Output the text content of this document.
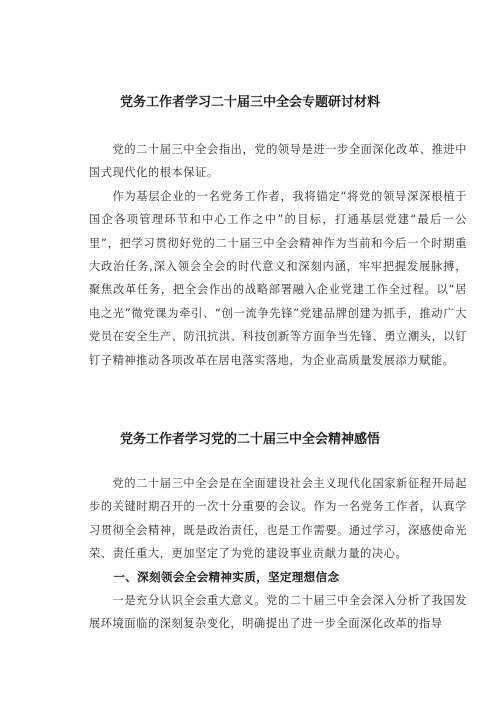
党务工作者学习二十届三中全会专题研讨材料

党的二十届三中全会指出，党的领导是进一步全面深化改革、推进中国式现代化的根本保证。

作为基层企业的一名党务工作者，我将锚定“将党的领导深深根植于国企各项管理环节和中心工作之中”的目标，打通基层党建“最后一公里”，把学习贯彻好党的二十届三中全会精神作为当前和今后一个时期重大政治任务,深入领会全会的时代意义和深刻内涵，牢牢把握发展脉搏，聚焦改革任务，把全会作出的战略部署融入企业党建工作全过程。以“居电之光”微党课为牵引、“创一流争先锋”党建品牌创建为抓手，推动广大党员在安全生产、防汛抗洪、科技创新等方面争当先锋、勇立潮头，以钉钉子精神推动各项改革在居电落实落地，为企业高质量发展添力赋能。

党务工作者学习党的二十届三中全会精神感悟

党的二十届三中全会是在全面建设社会主义现代化国家新征程开局起步的关键时期召开的一次十分重要的会议。作为一名党务工作者，认真学习贯彻全会精神，既是政治责任，也是工作需要。通过学习，深感使命光荣、责任重大，更加坚定了为党的建设事业贡献力量的决心。

一、深刻领会全会精神实质，坚定理想信念

一是充分认识全会重大意义。党的二十届三中全会深入分析了我国发展环境面临的深刻复杂变化，明确提出了进一步全面深化改革的指导
